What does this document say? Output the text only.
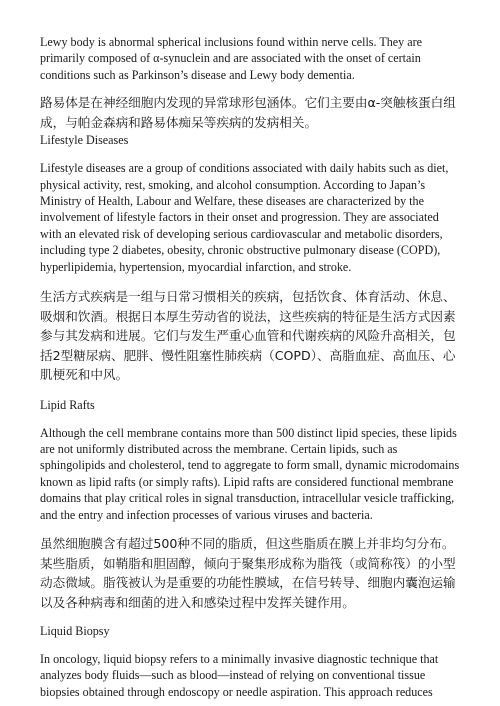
Lewy body is abnormal spherical inclusions found within nerve cells. They are primarily composed of α-synuclein and are associated with the onset of certain conditions such as Parkinson’s disease and Lewy body dementia.

路易体是在神经细胞内发现的异常球形包涵体。它们主要由α-突触核蛋白组成，与帕金森病和路易体痴呆等疾病的发病相关。

Lifestyle Diseases

Lifestyle diseases are a group of conditions associated with daily habits such as diet, physical activity, rest, smoking, and alcohol consumption. According to Japan’s Ministry of Health, Labour and Welfare, these diseases are characterized by the involvement of lifestyle factors in their onset and progression. They are associated with an elevated risk of developing serious cardiovascular and metabolic disorders, including type 2 diabetes, obesity, chronic obstructive pulmonary disease (COPD), hyperlipidemia, hypertension, myocardial infarction, and stroke.

生活方式疾病是一组与日常习惯相关的疾病，包括饮食、体育活动、休息、吸烟和饮酒。根据日本厚生劳动省的说法，这些疾病的特征是生活方式因素参与其发病和进展。它们与发生严重心血管和代谢疾病的风险升高相关，包括2型糖尿病、肥胖、慢性阻塞性肺疾病（COPD）、高脂血症、高血压、心肌梗死和中风。

Lipid Rafts

Although the cell membrane contains more than 500 distinct lipid species, these lipids are not uniformly distributed across the membrane. Certain lipids, such as sphingolipids and cholesterol, tend to aggregate to form small, dynamic microdomains known as lipid rafts (or simply rafts). Lipid rafts are considered functional membrane domains that play critical roles in signal transduction, intracellular vesicle trafficking, and the entry and infection processes of various viruses and bacteria.

虽然细胞膜含有超过500种不同的脂质，但这些脂质在膜上并非均匀分布。某些脂质，如鞘脂和胆固醇，倾向于聚集形成称为脂筏（或简称筏）的小型动态微域。脂筏被认为是重要的功能性膜域，在信号转导、细胞内囊泡运输以及各种病毒和细菌的进入和感染过程中发挥关键作用。

Liquid Biopsy

In oncology, liquid biopsy refers to a minimally invasive diagnostic technique that analyzes body fluids—such as blood—instead of relying on conventional tissue biopsies obtained through endoscopy or needle aspiration. This approach reduces
